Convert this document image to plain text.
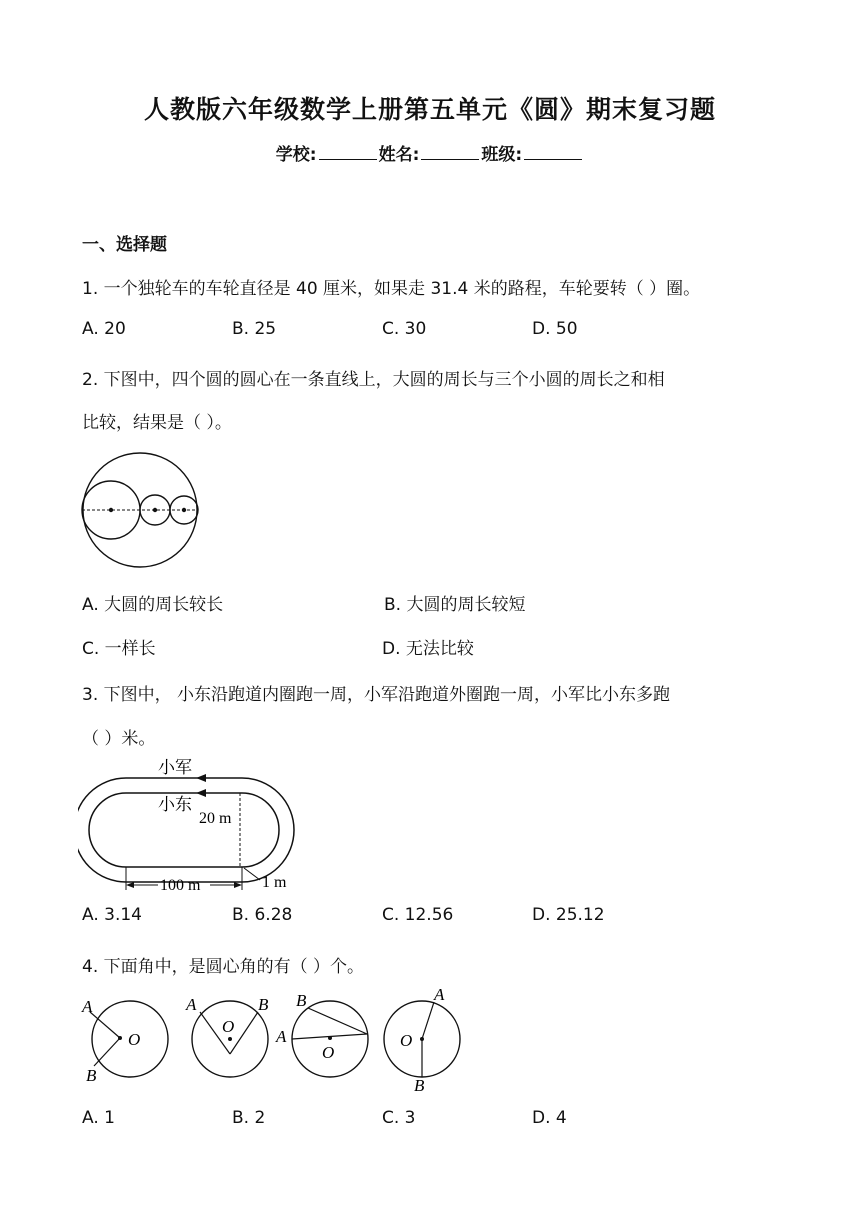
人教版六年级数学上册第五单元《圆》期末复习题
学校:	姓名:	班级:
一、选择题
1. 一个独轮车的车轮直径是 40 厘米，如果走 31.4 米的路程，车轮要转（ ）圈。
A. 20	B. 25	C. 30	D. 50
2. 下图中，四个圆的圆心在一条直线上，大圆的周长与三个小圆的周长之和相
比较，结果是（ ）。
A. 大圆的周长较长	B. 大圆的周长较短
C. 一样长	D. 无法比较
3. 下图中， 小东沿跑道内圈跑一周，小军沿跑道外圈跑一周，小军比小东多跑
（ ）米。
小军
小东
20 m
100 m	1 m
A. 3.14	B. 6.28	C. 12.56	D. 25.12
4. 下面角中，是圆心角的有（ ）个。
A
O
B
A
O
B B
A
O
A
O
B
A. 1	B. 2	C. 3	D. 4
